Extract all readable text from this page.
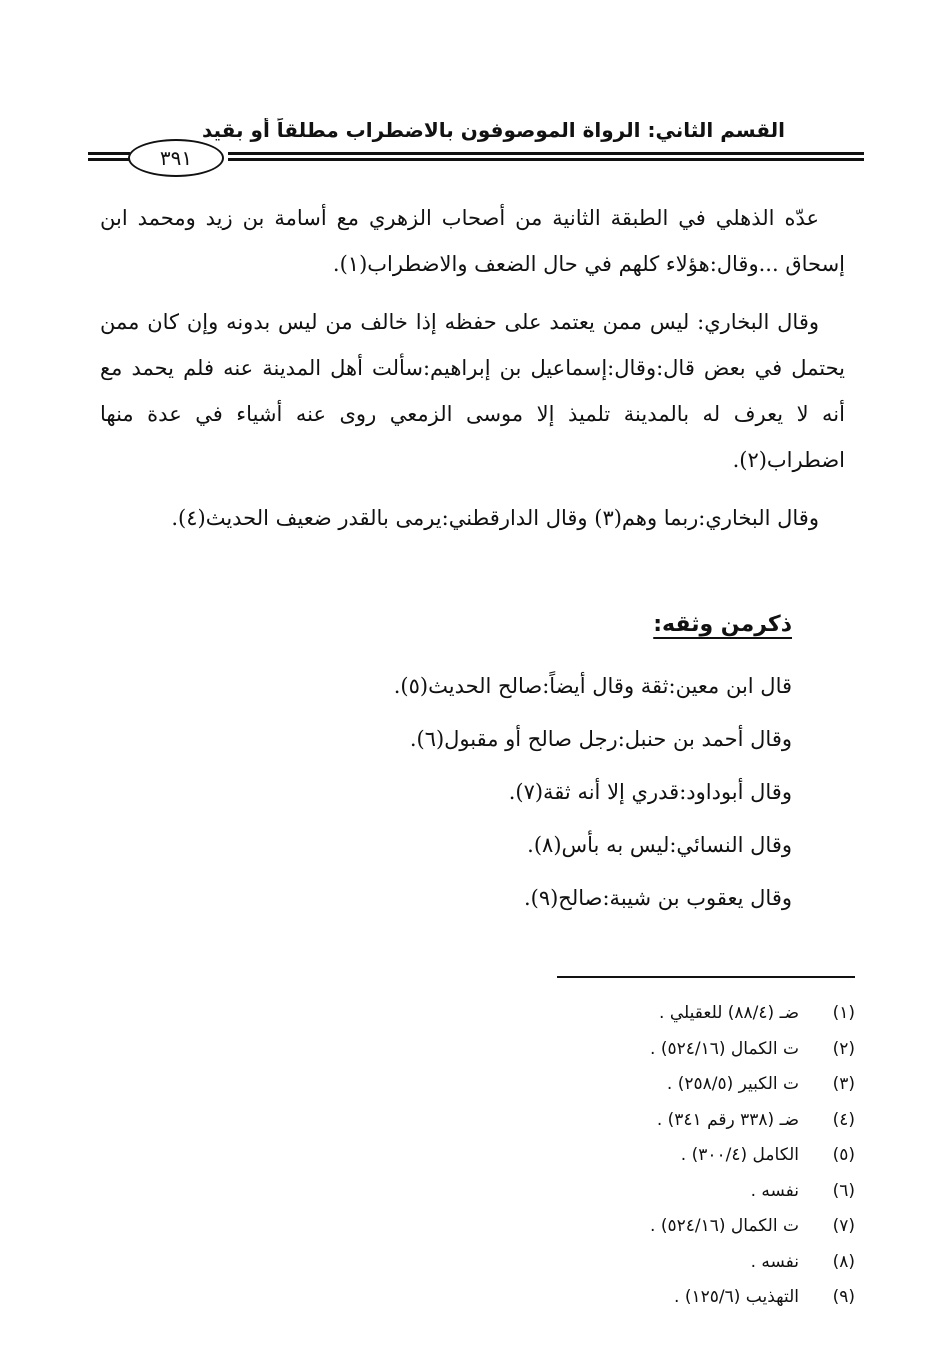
القسم الثاني: الرواة الموصوفون بالاضطراب مطلقاً أو بقيد
٣٩١

عدّه الذهلي في الطبقة الثانية من أصحاب الزهري مع أسامة بن زيد ومحمد ابن إسحاق ...وقال:هؤلاء كلهم في حال الضعف والاضطراب(١).

وقال البخاري: ليس ممن يعتمد على حفظه إذا خالف من ليس بدونه وإن كان ممن يحتمل في بعض قال:وقال:إسماعيل بن إبراهيم:سألت أهل المدينة عنه فلم يحمد مع أنه لا يعرف له بالمدينة تلميذ إلا موسى الزمعي روى عنه أشياء في عدة منها اضطراب(٢).

وقال البخاري:ربما وهم(٣) وقال الدارقطني:يرمى بالقدر ضعيف الحديث(٤).

ذكرمن وثقه:
قال ابن معين:ثقة وقال أيضاً:صالح الحديث(٥).
وقال أحمد بن حنبل:رجل صالح أو مقبول(٦).
وقال أبوداود:قدري إلا أنه ثقة(٧).
وقال النسائي:ليس به بأس(٨).
وقال يعقوب بن شيبة:صالح(٩).
(١)ضـ (٨٨/٤) للعقيلي .
(٢)ت الكمال (٥٢٤/١٦) .
(٣)ت الكبير (٢٥٨/٥) .
(٤)ضـ (٣٣٨ رقم ٣٤١) .
(٥)الكامل (٣٠٠/٤) .
(٦)نفسه .
(٧)ت الكمال (٥٢٤/١٦) .
(٨)نفسه .
(٩)التهذيب (١٢٥/٦) .
